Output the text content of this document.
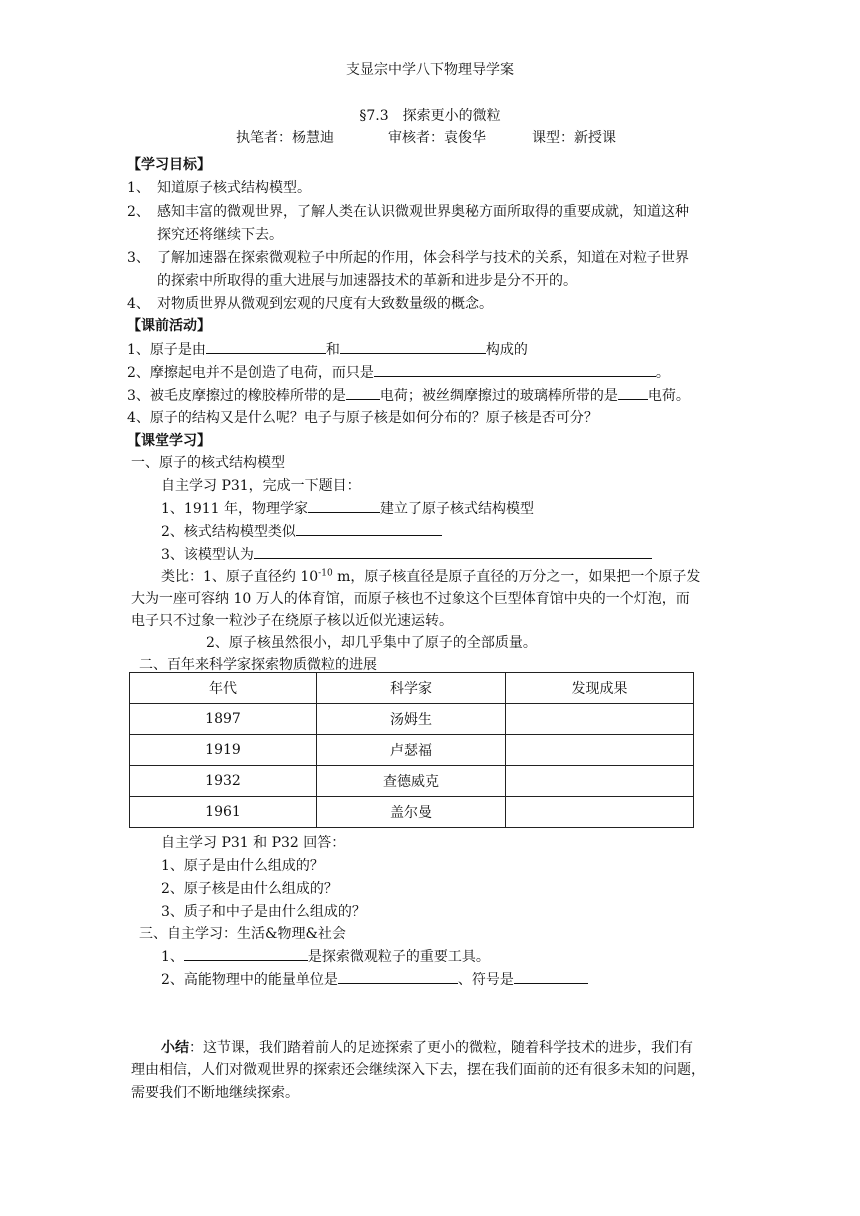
支显宗中学八下物理导学案
§7.3　探索更小的微粒
执笔者：杨慧迪	审核者：袁俊华	课型：新授课
【学习目标】
1、 知道原子核式结构模型。
2、 感知丰富的微观世界，了解人类在认识微观世界奥秘方面所取得的重要成就，知道这种
探究还将继续下去。
3、 了解加速器在探索微观粒子中所起的作用，体会科学与技术的关系，知道在对粒子世界
的探索中所取得的重大进展与加速器技术的革新和进步是分不开的。
4、 对物质世界从微观到宏观的尺度有大致数量级的概念。
【课前活动】
1、原子是由	和	构成的
2、摩擦起电并不是创造了电荷，而只是	。
3、被毛皮摩擦过的橡胶棒所带的是 电荷；被丝绸摩擦过的玻璃棒所带的是 电荷。
4、原子的结构又是什么呢？电子与原子核是如何分布的？原子核是否可分？
【课堂学习】
一、原子的核式结构模型
自主学习 P31，完成一下题目：
1、1911 年，物理学家	建立了原子核式结构模型
2、核式结构模型类似
3、该模型认为
类比：1、原子直径约 $10^{-10}$ m，原子核直径是原子直径的万分之一，如果把一个原子发
大为一座可容纳 10 万人的体育馆，而原子核也不过象这个巨型体育馆中央的一个灯泡，而
电子只不过象一粒沙子在绕原子核以近似光速运转。
2、原子核虽然很小，却几乎集中了原子的全部质量。
二、百年来科学家探索物质微粒的进展
年代	科学家	发现成果
1897	汤姆生	
1919	卢瑟福	
1932	查德威克	
1961	盖尔曼	
自主学习 P31 和 P32 回答：
1、原子是由什么组成的？
2、原子核是由什么组成的？
3、质子和中子是由什么组成的？
三、自主学习：生活&物理&社会
1、	是探索微观粒子的重要工具。
2、高能物理中的能量单位是	、符号是
小结：这节课，我们踏着前人的足迹探索了更小的微粒，随着科学技术的进步，我们有
理由相信，人们对微观世界的探索还会继续深入下去，摆在我们面前的还有很多未知的问题，
需要我们不断地继续探索。
